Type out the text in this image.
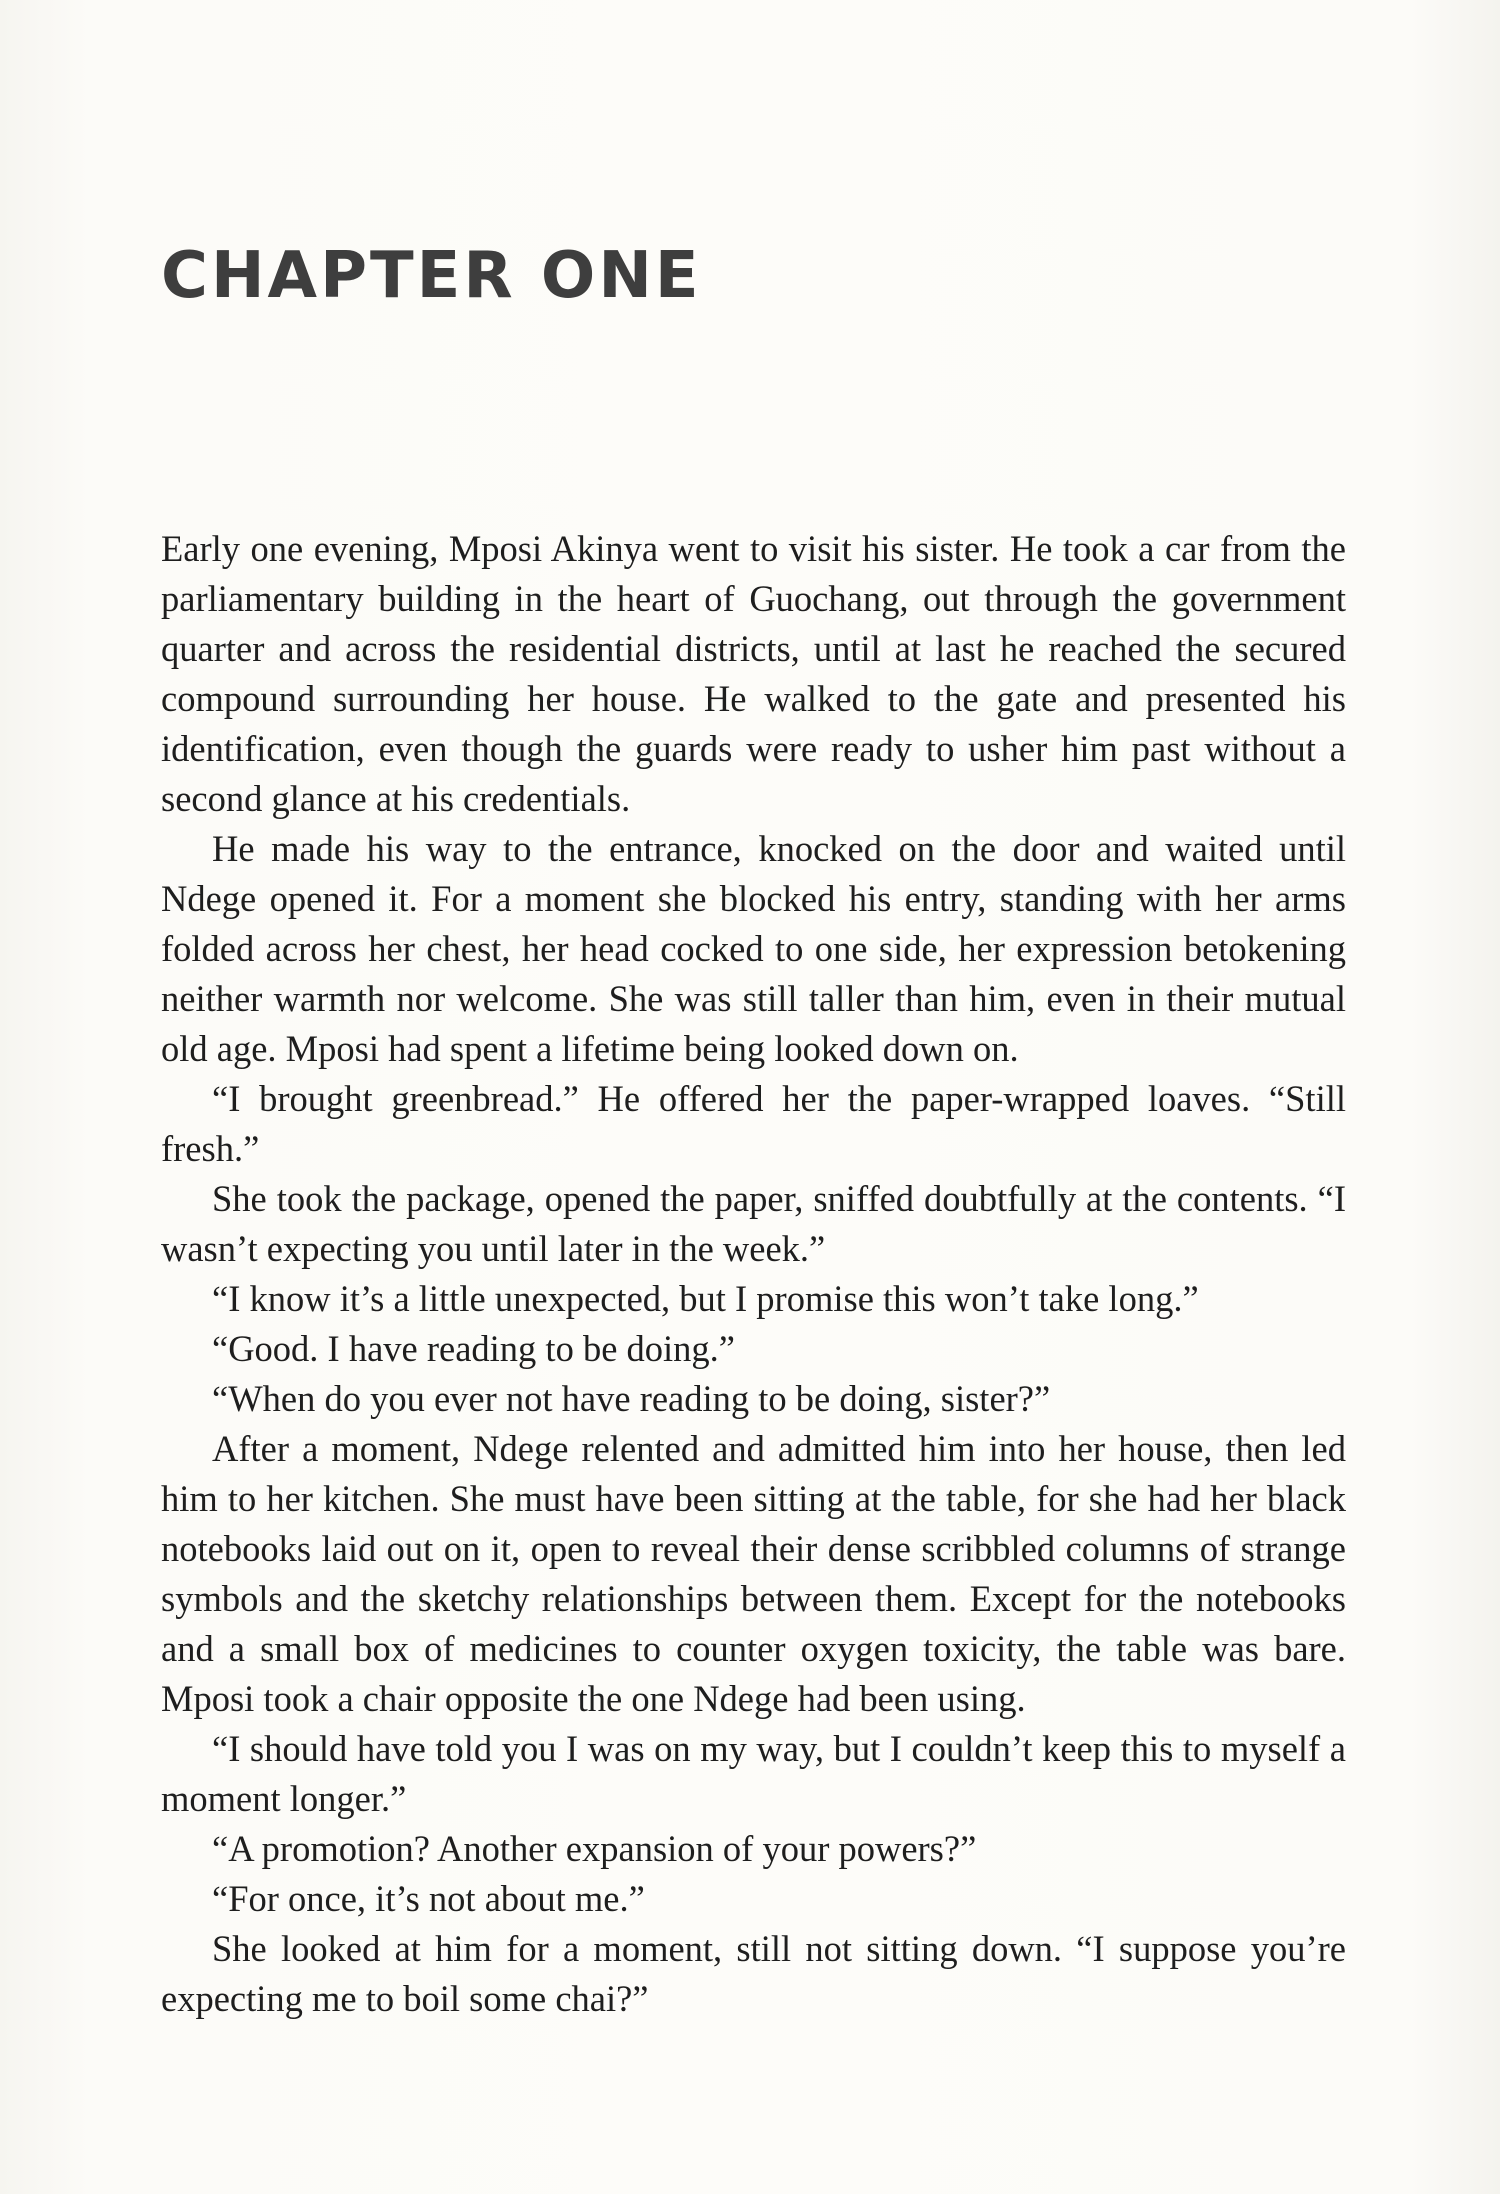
CHAPTER ONE

Early one evening, Mposi Akinya went to visit his sister. He took a car from the parliamentary building in the heart of Guochang, out through the government quarter and across the residential districts, until at last he reached the secured compound surrounding her house. He walked to the gate and presented his identification, even though the guards were ready to usher him past without a second glance at his credentials.

He made his way to the entrance, knocked on the door and waited until Ndege opened it. For a moment she blocked his entry, standing with her arms folded across her chest, her head cocked to one side, her expression betokening neither warmth nor welcome. She was still taller than him, even in their mutual old age. Mposi had spent a lifetime being looked down on.

“I brought greenbread.” He offered her the paper-wrapped loaves. “Still fresh.”

She took the package, opened the paper, sniffed doubtfully at the contents. “I wasn’t expecting you until later in the week.”

“I know it’s a little unexpected, but I promise this won’t take long.”

“Good. I have reading to be doing.”

“When do you ever not have reading to be doing, sister?”

After a moment, Ndege relented and admitted him into her house, then led him to her kitchen. She must have been sitting at the table, for she had her black notebooks laid out on it, open to reveal their dense scribbled columns of strange symbols and the sketchy relationships between them. Except for the notebooks and a small box of medicines to counter oxygen toxicity, the table was bare. Mposi took a chair opposite the one Ndege had been using.

“I should have told you I was on my way, but I couldn’t keep this to myself a moment longer.”

“A promotion? Another expansion of your powers?”

“For once, it’s not about me.”

She looked at him for a moment, still not sitting down. “I suppose you’re expecting me to boil some chai?”
